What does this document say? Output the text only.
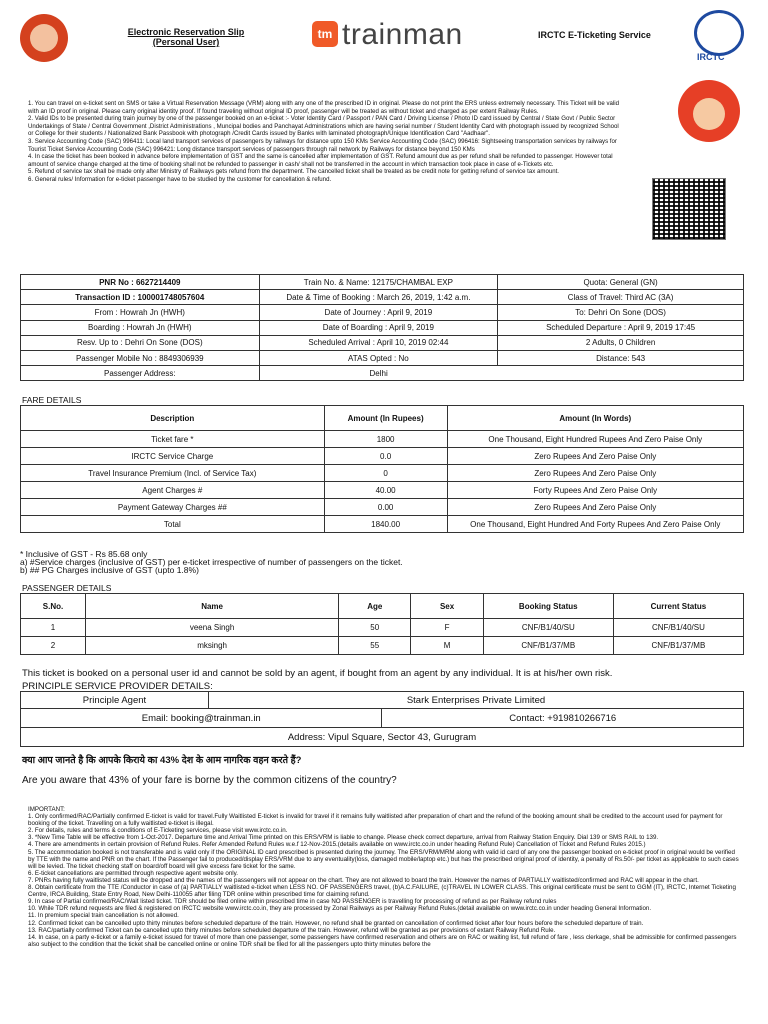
Electronic Reservation Slip
(Personal User)
tm trainman	IRCTC E-Ticketing Service
IRCTC

1. You can travel on e-ticket sent on SMS or take a Virtual Reservation Message (VRM) along with any one of the prescribed ID in original. Please do not print the ERS unless extremely necessary. This Ticket will be valid with an ID proof in original. Please carry original identity proof. If found traveling without original ID proof, passenger will be treated as without ticket and charged as per extent Railway Rules.

2. Valid IDs to be presented during train journey by one of the passenger booked on an e-ticket :- Voter Identity Card / Passport / PAN Card / Driving License / Photo ID card issued by Central / State Govt / Public Sector Undertakings of State / Central Government ,District Administrations , Muncipal bodies and Panchayat Administrations which are having serial number / Student Identity Card with photograph issued by recognized School or College for their students / Nationalized Bank Passbook with photograph /Credit Cards issued by Banks with laminated photograph/Unique Identification Card "Aadhaar".

3. Service Accounting Code (SAC) 996411: Local land transport services of passengers by railways for distance upto 150 KMs Service Accounting Code (SAC) 996416: Sightseeing transportation services by railways for Tourist Ticket Service Accounting Code (SAC) 996421: Long distance transport services of passengers through rail network by Railways for distance beyond 150 KMs

4. In case the ticket has been booked in advance before implementation of GST and the same is cancelled after implementation of GST. Refund amount due as per refund shall be refunded to passenger. However total amount of service change charged at the time of booking shall not be refunded to passenger in cash/ shall not be transferred in the account in which transaction took place in case of e-Tickets etc.

5. Refund of service tax shall be made only after Ministry of Railways gets refund from the department. The cancelled ticket shall be treated as be credit note for getting refund of service tax amount.

6. General rules/ Information for e-ticket passenger have to be studied by the customer for cancellation & refund.

PNR No : 6627214409	Train No. & Name: 12175/CHAMBAL EXP	Quota: General (GN)
Transaction ID : 100001748057604	Date & Time of Booking : March 26, 2019, 1:42 a.m.	Class of Travel: Third AC (3A)
From : Howrah Jn (HWH)	Date of Journey : April 9, 2019	To: Dehri On Sone (DOS)
Boarding : Howrah Jn (HWH)	Date of Boarding : April 9, 2019	Scheduled Departure : April 9, 2019 17:45
Resv. Up to : Dehri On Sone (DOS)	Scheduled Arrival : April 10, 2019 02:44	2 Adults, 0 Children
Passenger Mobile No : 8849306939	ATAS Opted : No	Distance: 543
Passenger Address:	Delhi	
FARE DETAILS
Description	Amount (In Rupees)	Amount (In Words)
Ticket fare *	1800	One Thousand, Eight Hundred Rupees And Zero Paise Only
IRCTC Service Charge	0.0	Zero Rupees And Zero Paise Only
Travel Insurance Premium (Incl. of Service Tax)	0	Zero Rupees And Zero Paise Only
Agent Charges #	40.00	Forty Rupees And Zero Paise Only
Payment Gateway Charges ##	0.00	Zero Rupees And Zero Paise Only
Total	1840.00	One Thousand, Eight Hundred And Forty Rupees And Zero Paise Only
* Inclusive of GST - Rs 85.68 only
a) #Service charges (inclusive of GST) per e-ticket irrespective of number of passengers on the ticket.
b) ## PG Charges inclusive of GST (upto 1.8%)
PASSENGER DETAILS
S.No.	Name	Age	Sex	Booking Status	Current Status
1	veena Singh	50	F	CNF/B1/40/SU	CNF/B1/40/SU
2	mksingh	55	M	CNF/B1/37/MB	CNF/B1/37/MB
This ticket is booked on a personal user id and cannot be sold by an agent, if bought from an agent by any individual. It is at his/her own risk.
PRINCIPLE SERVICE PROVIDER DETAILS:
Principle Agent	Stark Enterprises Private Limited	
Email: booking@trainman.in		Contact: +919810266716
Address: Vipul Square, Sector 43, Gurugram		
क्या आप जानते है कि आपके किराये का 43% देश के आम नागरिक वहन करते हैं?
Are you aware that 43% of your fare is borne by the common citizens of the country?

IMPORTANT:

1. Only confirmed/RAC/Partially confirmed E-ticket is valid for travel.Fully Waitlisted E-ticket is invalid for travel if it remains fully waitlisted after preparation of chart and the refund of the booking amount shall be credited to the account used for payment for booking of the ticket. Travelling on a fully waitlisted e-ticket is illegal.

2. For details, rules and terms & conditions of E-Ticketing services, please visit www.irctc.co.in.

3. *New Time Table will be effective from 1-Oct-2017. Departure time and Arrival Time printed on this ERS/VRM is liable to change. Please check correct departure, arrival from Railway Station Enquiry. Dial 139 or SMS RAIL to 139.

4. There are amendments in certain provision of Refund Rules. Refer Amended Refund Rules w.e.f 12-Nov-2015.(details available on www.irctc.co.in under heading Refund Rule) Cancellation of Ticket and Refund Rules 2015.)

5. The accommodation booked is not transferable and is valid only if the ORIGINAL ID card prescribed is presented during the journey. The ERS/VRM/MRM along with valid id card of any one the passenger booked on e-ticket proof in original would be verified by TTE with the name and PNR on the chart. If the Passenger fail to produced/display ERS/VRM due to any eventuality(loss, damaged mobile/laptop etc.) but has the prescribed original proof of identity, a penalty of Rs.50/- per ticket as applicable to such cases will be levied. The ticket checking staff on board/off board will give excess fare ticket for the same.

6. E-ticket cancellations are permitted through respective agent website only.

7. PNRs having fully waitlisted status will be dropped and the names of the passengers will not appear on the chart. They are not allowed to board the train. However the names of PARTIALLY waitlisted/confirmed and RAC will appear in the chart.

8. Obtain certificate from the TTE /Conductor in case of (a) PARTIALLY waitlisted e-ticket when LESS NO. OF PASSENGERS travel, (b)A.C.FAILURE, (c)TRAVEL IN LOWER CLASS. This original certificate must be sent to GGM (IT), IRCTC, Internet Ticketing Centre, IRCA Building, State Entry Road, New Delhi-110055 after filing TDR online within prescribed time for claiming refund.

9. In case of Partial confirmed/RAC/Wait listed ticket. TDR should be filed online within prescribed time in case NO PASSENGER is travelling for processing of refund as per Railway refund rules

10. While TDR refund requests are filed & registered on IRCTC website www.irctc.co.in, they are processed by Zonal Railways as per Railway Refund Rules.(detail available on www.irctc.co.in under heading General Information.

11. In premium special train cancellation is not allowed.

12. Confirmed ticket can be cancelled upto thirty minutes before scheduled departure of the train. However, no refund shall be granted on cancellation of confirmed ticket after four hours before the scheduled departure of train.

13. RAC/partially confirmed Ticket can be cancelled upto thirty minutes before scheduled departure of the train. However, refund will be granted as per provisions of extant Railway Refund Rule.

14. In case, on a party e-ticket or a family e-ticket issued for travel of more than one passenger, some passengers have confirmed reservation and others are on RAC or waiting list, full refund of fare , less clerkage, shall be admissible for confirmed passengers also subject to the condition that the ticket shall be cancelled online or online TDR shall be filed for all the passengers upto thirty minutes before the
